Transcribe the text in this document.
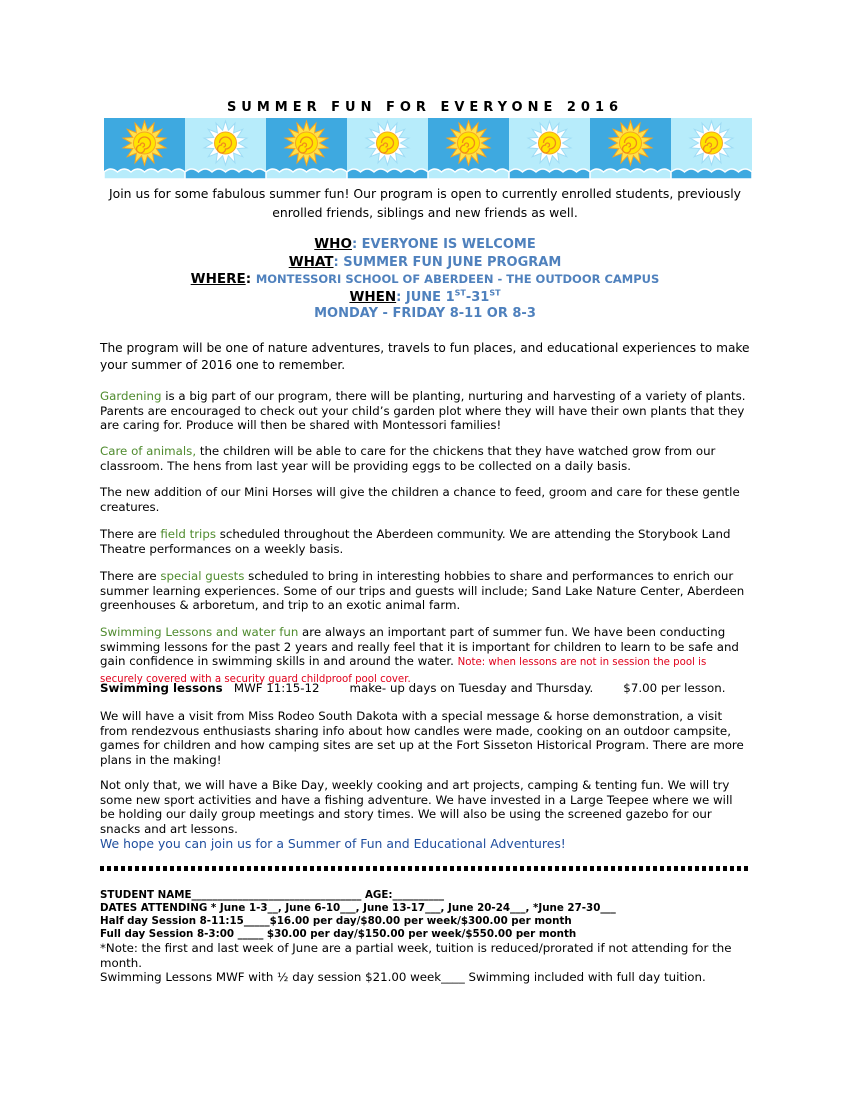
SUMMER FUN FOR EVERYONE 2016
Join us for some fabulous summer fun! Our program is open to currently enrolled students, previously enrolled friends, siblings and new friends as well.
WHO: EVERYONE IS WELCOME
WHAT: SUMMER FUN JUNE PROGRAM
WHERE: MONTESSORI SCHOOL OF ABERDEEN - THE OUTDOOR CAMPUS
WHEN: JUNE 1ST-31ST
MONDAY - FRIDAY 8-11 OR 8-3
The program will be one of nature adventures, travels to fun places, and educational experiences to make your summer of 2016 one to remember.
Gardening is a big part of our program, there will be planting, nurturing and harvesting of a variety of plants. Parents are encouraged to check out your child’s garden plot where they will have their own plants that they are caring for. Produce will then be shared with Montessori families!
Care of animals, the children will be able to care for the chickens that they have watched grow from our classroom. The hens from last year will be providing eggs to be collected on a daily basis.
The new addition of our Mini Horses will give the children a chance to feed, groom and care for these gentle creatures.
There are field trips scheduled throughout the Aberdeen community. We are attending the Storybook Land Theatre performances on a weekly basis.
There are special guests scheduled to bring in interesting hobbies to share and performances to enrich our summer learning experiences. Some of our trips and guests will include; Sand Lake Nature Center, Aberdeen greenhouses & arboretum, and trip to an exotic animal farm.
Swimming Lessons and water fun are always an important part of summer fun. We have been conducting swimming lessons for the past 2 years and really feel that it is important for children to learn to be safe and gain confidence in swimming skills in and around the water. Note: when lessons are not in session the pool is securely covered with a security guard childproof pool cover.
Swimming lessons   MWF 11:15-12        make- up days on Tuesday and Thursday.        $7.00 per lesson.
We will have a visit from Miss Rodeo South Dakota with a special message & horse demonstration, a visit from rendezvous enthusiasts sharing info about how candles were made, cooking on an outdoor campsite, games for children and how camping sites are set up at the Fort Sisseton Historical Program. There are more plans in the making!
Not only that, we will have a Bike Day, weekly cooking and art projects, camping & tenting fun. We will try some new sport activities and have a fishing adventure. We have invested in a Large Teepee where we will be holding our daily group meetings and story times. We will also be using the screened gazebo for our snacks and art lessons.
We hope you can join us for a Summer of Fun and Educational Adventures!
STUDENT NAME_________________________________ AGE:__________
DATES ATTENDING * June 1-3__, June 6-10___, June 13-17___, June 20-24___, *June 27-30___
Half day Session 8-11:15_____$16.00 per day/$80.00 per week/$300.00 per month
Full day Session 8-3:00 _____ $30.00 per day/$150.00 per week/$550.00 per month
*Note: the first and last week of June are a partial week, tuition is reduced/prorated if not attending for the month.
Swimming Lessons MWF with ½ day session $21.00 week____ Swimming included with full day tuition.
